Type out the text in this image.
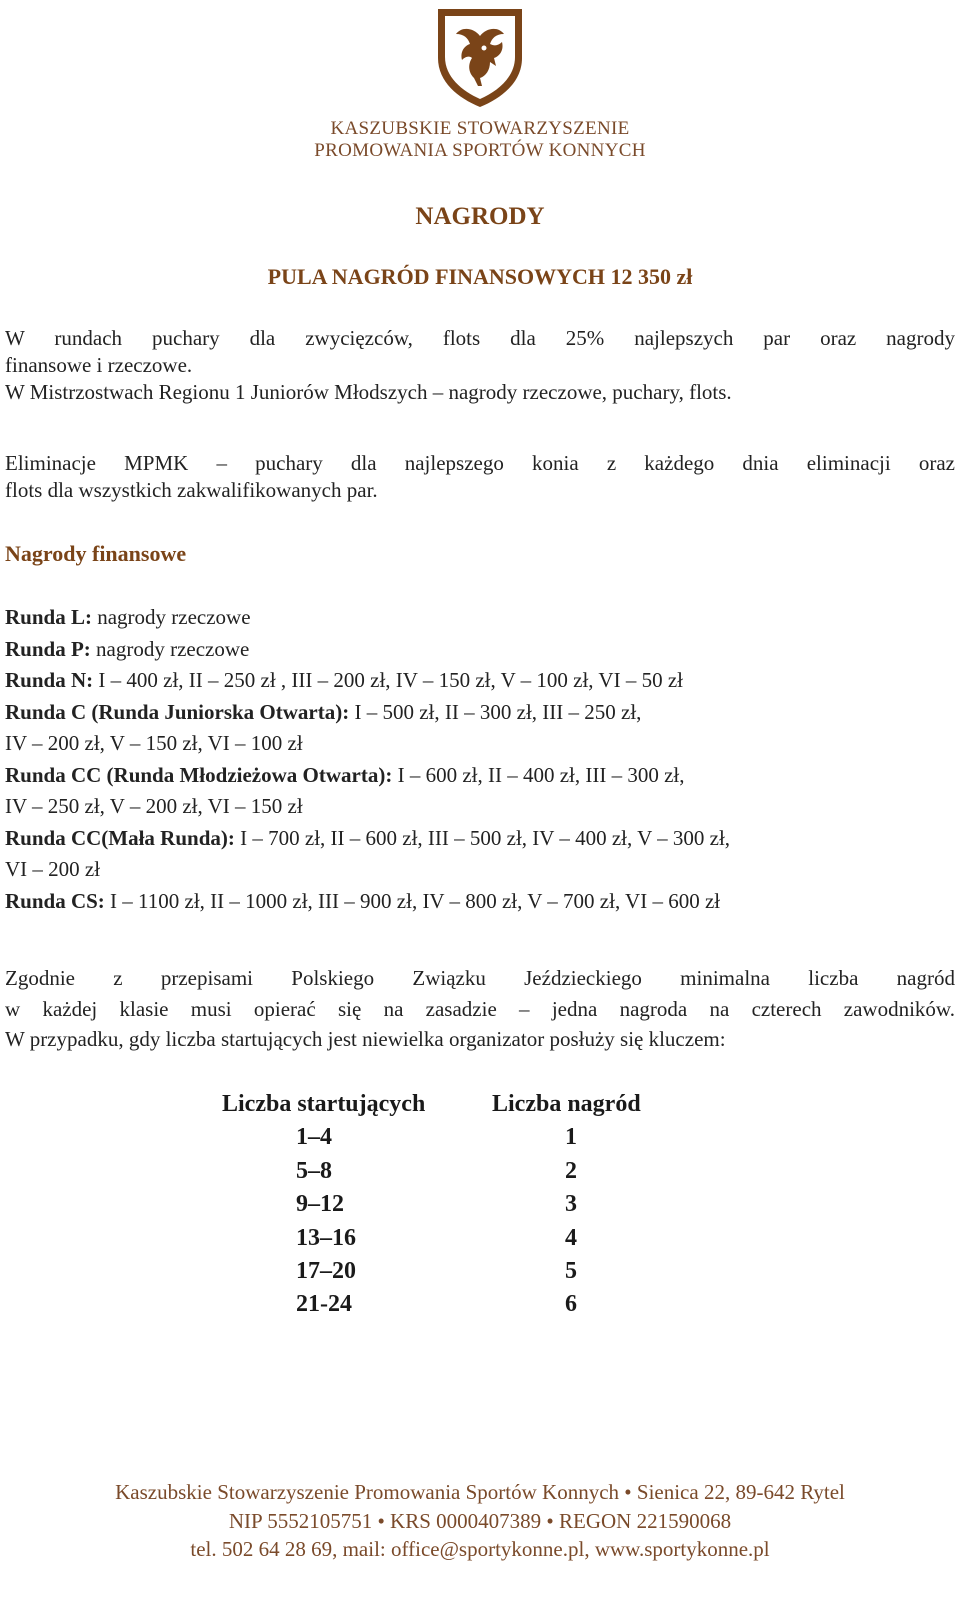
KASZUBSKIE STOWARZYSZENIE
PROMOWANIA SPORTÓW KONNYCH
NAGRODY
PULA NAGRÓD FINANSOWYCH 12 350 zł
W rundach puchary dla zwycięzców, flots dla 25% najlepszych par oraz nagrody
finansowe i rzeczowe.
W Mistrzostwach Regionu 1 Juniorów Młodszych – nagrody rzeczowe, puchary, flots.
Eliminacje MPMK – puchary dla najlepszego konia z każdego dnia eliminacji oraz
flots dla wszystkich zakwalifikowanych par.
Nagrody finansowe
Runda L: nagrody rzeczowe
Runda P: nagrody rzeczowe
Runda N: I – 400 zł, II – 250 zł , III – 200 zł, IV – 150 zł, V – 100 zł, VI – 50 zł
Runda C (Runda Juniorska Otwarta): I – 500 zł, II – 300 zł, III – 250 zł,
IV – 200 zł, V – 150 zł, VI – 100 zł
Runda CC (Runda Młodzieżowa Otwarta): I – 600 zł, II – 400 zł, III – 300 zł,
IV – 250 zł, V – 200 zł, VI – 150 zł
Runda CC(Mała Runda): I – 700 zł, II – 600 zł, III – 500 zł, IV – 400 zł, V – 300 zł,
VI – 200 zł
Runda CS: I – 1100 zł, II – 1000 zł, III – 900 zł, IV – 800 zł, V – 700 zł, VI – 600 zł
Zgodnie z przepisami Polskiego Związku Jeździeckiego minimalna liczba nagród
w każdej klasie musi opierać się na zasadzie – jedna nagroda na czterech zawodników.
W przypadku, gdy liczba startujących jest niewielka organizator posłuży się kluczem:
Liczba startujących	Liczba nagród
1–4	1
5–8	2
9–12	3
13–16	4
17–20	5
21-24	6
Kaszubskie Stowarzyszenie Promowania Sportów Konnych • Sienica 22, 89-642 Rytel
NIP 5552105751 • KRS 0000407389 • REGON 221590068
tel. 502 64 28 69, mail: office@sportykonne.pl, www.sportykonne.pl
